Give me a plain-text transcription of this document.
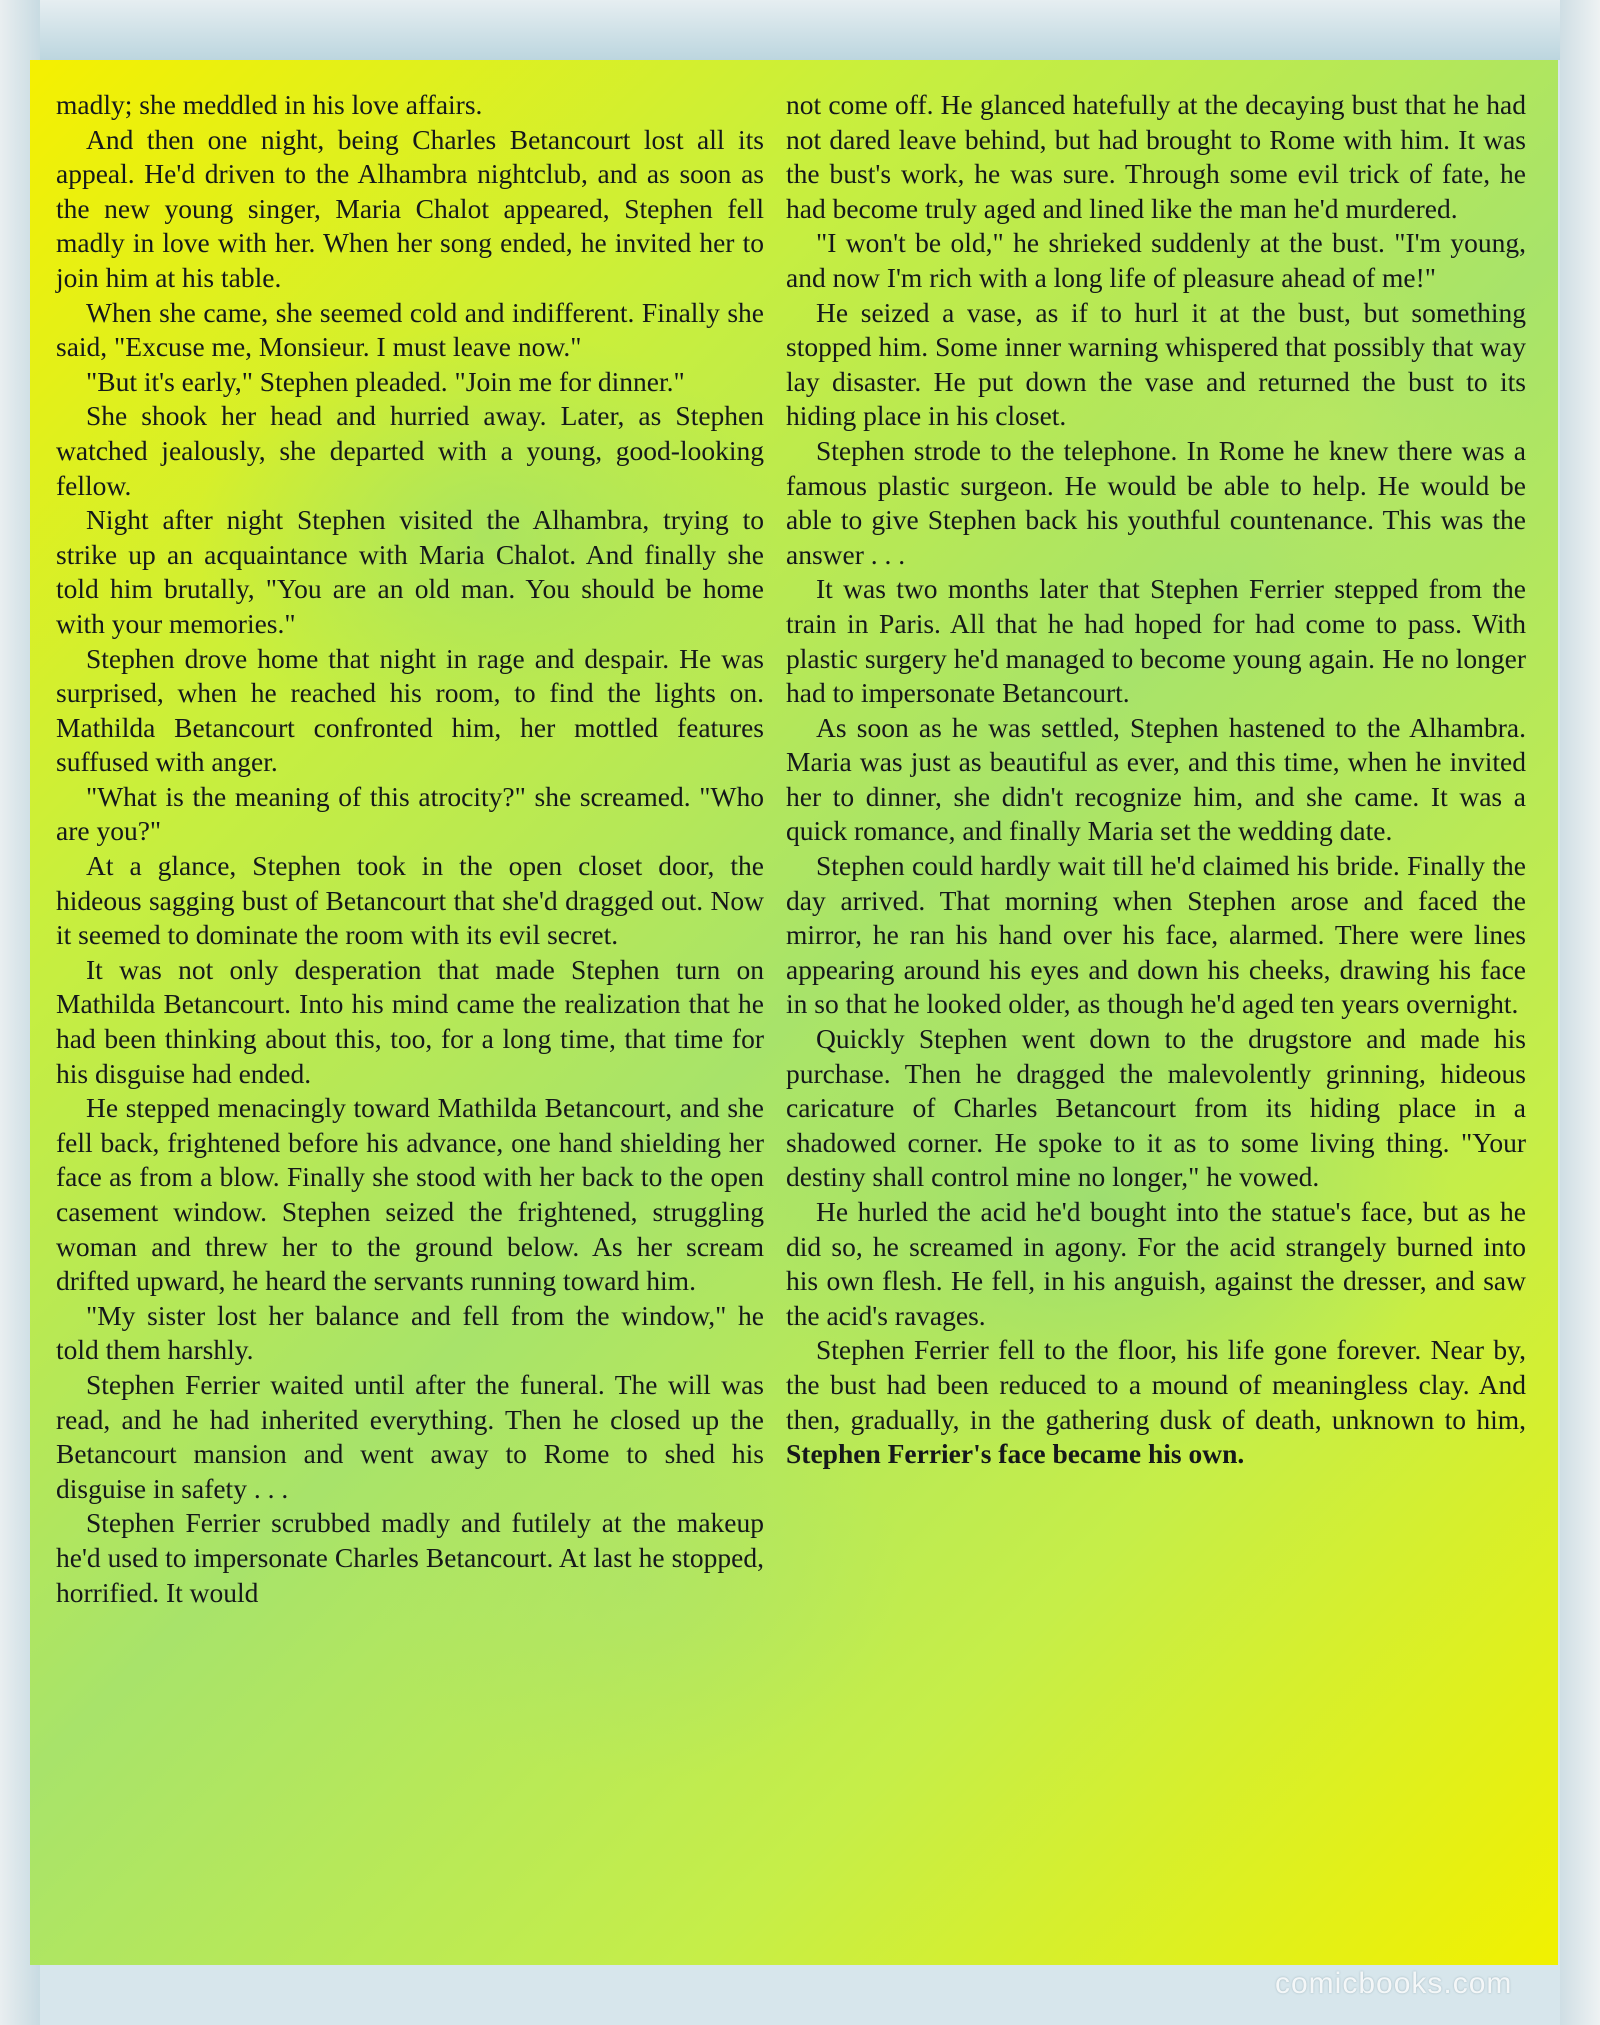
madly; she meddled in his love affairs.

And then one night, being Charles Betancourt lost all its appeal. He'd driven to the Alhambra nightclub, and as soon as the new young singer, Maria Chalot appeared, Stephen fell madly in love with her. When her song ended, he invited her to join him at his table.

When she came, she seemed cold and indifferent. Finally she said, "Excuse me, Monsieur. I must leave now."

"But it's early," Stephen pleaded. "Join me for dinner."

She shook her head and hurried away. Later, as Stephen watched jealously, she departed with a young, good-looking fellow.

Night after night Stephen visited the Alhambra, trying to strike up an acquaintance with Maria Chalot. And finally she told him brutally, "You are an old man. You should be home with your memories."

Stephen drove home that night in rage and despair. He was surprised, when he reached his room, to find the lights on. Mathilda Betancourt confronted him, her mottled features suffused with anger.

"What is the meaning of this atrocity?" she screamed. "Who are you?"

At a glance, Stephen took in the open closet door, the hideous sagging bust of Betancourt that she'd dragged out. Now it seemed to dominate the room with its evil secret.

It was not only desperation that made Stephen turn on Mathilda Betancourt. Into his mind came the realization that he had been thinking about this, too, for a long time, that time for his disguise had ended.

He stepped menacingly toward Mathilda Betancourt, and she fell back, frightened before his advance, one hand shielding her face as from a blow. Finally she stood with her back to the open casement window. Stephen seized the frightened, struggling woman and threw her to the ground below. As her scream drifted upward, he heard the servants running toward him.

"My sister lost her balance and fell from the window," he told them harshly.

Stephen Ferrier waited until after the funeral. The will was read, and he had inherited everything. Then he closed up the Betancourt mansion and went away to Rome to shed his disguise in safety . . .

Stephen Ferrier scrubbed madly and futilely at the makeup he'd used to impersonate Charles Betancourt. At last he stopped, horrified. It would

not come off. He glanced hatefully at the decaying bust that he had not dared leave behind, but had brought to Rome with him. It was the bust's work, he was sure. Through some evil trick of fate, he had become truly aged and lined like the man he'd murdered.

"I won't be old," he shrieked suddenly at the bust. "I'm young, and now I'm rich with a long life of pleasure ahead of me!"

He seized a vase, as if to hurl it at the bust, but something stopped him. Some inner warning whispered that possibly that way lay disaster. He put down the vase and returned the bust to its hiding place in his closet.

Stephen strode to the telephone. In Rome he knew there was a famous plastic surgeon. He would be able to help. He would be able to give Stephen back his youthful countenance. This was the answer . . .

It was two months later that Stephen Ferrier stepped from the train in Paris. All that he had hoped for had come to pass. With plastic surgery he'd managed to become young again. He no longer had to impersonate Betancourt.

As soon as he was settled, Stephen hastened to the Alhambra. Maria was just as beautiful as ever, and this time, when he invited her to dinner, she didn't recognize him, and she came. It was a quick romance, and finally Maria set the wedding date.

Stephen could hardly wait till he'd claimed his bride. Finally the day arrived. That morning when Stephen arose and faced the mirror, he ran his hand over his face, alarmed. There were lines appearing around his eyes and down his cheeks, drawing his face in so that he looked older, as though he'd aged ten years overnight.

Quickly Stephen went down to the drugstore and made his purchase. Then he dragged the malevolently grinning, hideous caricature of Charles Betancourt from its hiding place in a shadowed corner. He spoke to it as to some living thing. "Your destiny shall control mine no longer," he vowed.

He hurled the acid he'd bought into the statue's face, but as he did so, he screamed in agony. For the acid strangely burned into his own flesh. He fell, in his anguish, against the dresser, and saw the acid's ravages.

Stephen Ferrier fell to the floor, his life gone forever. Near by, the bust had been reduced to a mound of meaningless clay. And then, gradually, in the gathering dusk of death, unknown to him, Stephen Ferrier's face became his own.

comicbooks.com
